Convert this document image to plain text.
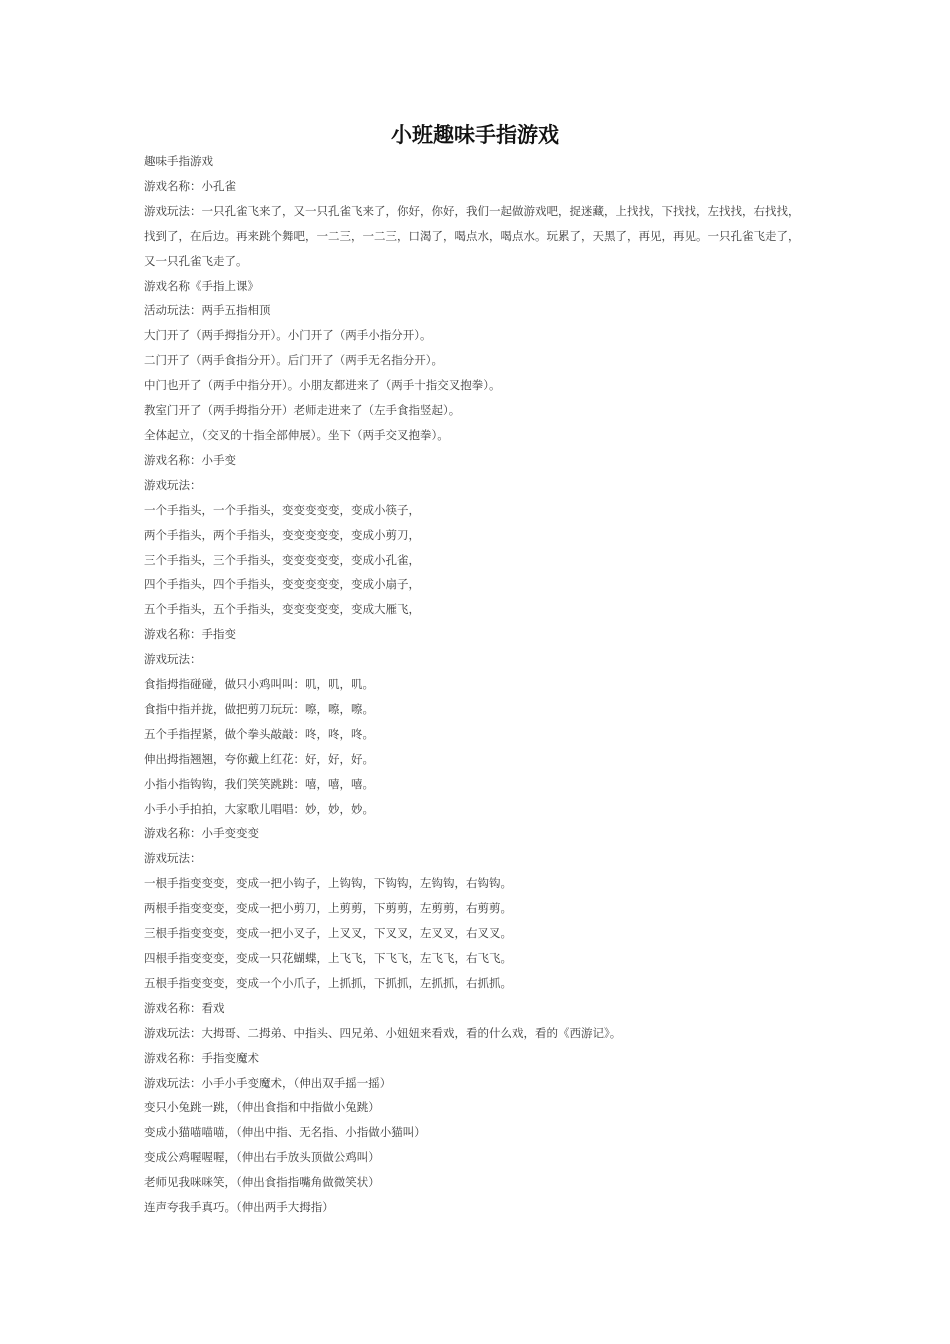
小班趣味手指游戏

趣味手指游戏

游戏名称：小孔雀

游戏玩法：一只孔雀飞来了，又一只孔雀飞来了，你好，你好，我们一起做游戏吧，捉迷藏，上找找，下找找，左找找，右找找，

找到了，在后边。再来跳个舞吧，一二三，一二三，口渴了，喝点水，喝点水。玩累了，天黑了，再见，再见。一只孔雀飞走了，

又一只孔雀飞走了。

游戏名称《手指上课》

活动玩法：两手五指相顶

大门开了（两手拇指分开）。小门开了（两手小指分开）。

二门开了（两手食指分开）。后门开了（两手无名指分开）。

中门也开了（两手中指分开）。小朋友都进来了（两手十指交叉抱拳）。

教室门开了（两手拇指分开）老师走进来了（左手食指竖起）。

全体起立，（交叉的十指全部伸展）。坐下（两手交叉抱拳）。

游戏名称：小手变

游戏玩法：

一个手指头，一个手指头，变变变变变，变成小筷子，

两个手指头，两个手指头，变变变变变，变成小剪刀，

三个手指头，三个手指头，变变变变变，变成小孔雀，

四个手指头，四个手指头，变变变变变，变成小扇子，

五个手指头，五个手指头，变变变变变，变成大雁飞，

游戏名称：手指变

游戏玩法：

食指拇指碰碰，做只小鸡叫叫：叽，叽，叽。

食指中指并拢，做把剪刀玩玩：嚓，嚓，嚓。

五个手指捏紧，做个拳头敲敲：咚，咚，咚。

伸出拇指翘翘，夸你戴上红花：好，好，好。

小指小指钩钩，我们笑笑跳跳：嘻，嘻，嘻。

小手小手拍拍，大家歌儿唱唱：妙，妙，妙。

游戏名称：小手变变变

游戏玩法：

一根手指变变变，变成一把小钩子，上钩钩，下钩钩，左钩钩，右钩钩。

两根手指变变变，变成一把小剪刀，上剪剪，下剪剪，左剪剪，右剪剪。

三根手指变变变，变成一把小叉子，上叉叉，下叉叉，左叉叉，右叉叉。

四根手指变变变，变成一只花蝴蝶，上飞飞，下飞飞，左飞飞，右飞飞。

五根手指变变变，变成一个小爪子，上抓抓，下抓抓，左抓抓，右抓抓。

游戏名称：看戏

游戏玩法：大拇哥、二拇弟、中指头、四兄弟、小妞妞来看戏，看的什么戏，看的《西游记》。

游戏名称：手指变魔术

游戏玩法：小手小手变魔术，（伸出双手摇一摇）

变只小兔跳一跳，（伸出食指和中指做小兔跳）

变成小猫喵喵喵，（伸出中指、无名指、小指做小猫叫）

变成公鸡喔喔喔，（伸出右手放头顶做公鸡叫）

老师见我咪咪笑，（伸出食指指嘴角做微笑状）

连声夸我手真巧。（伸出两手大拇指）
